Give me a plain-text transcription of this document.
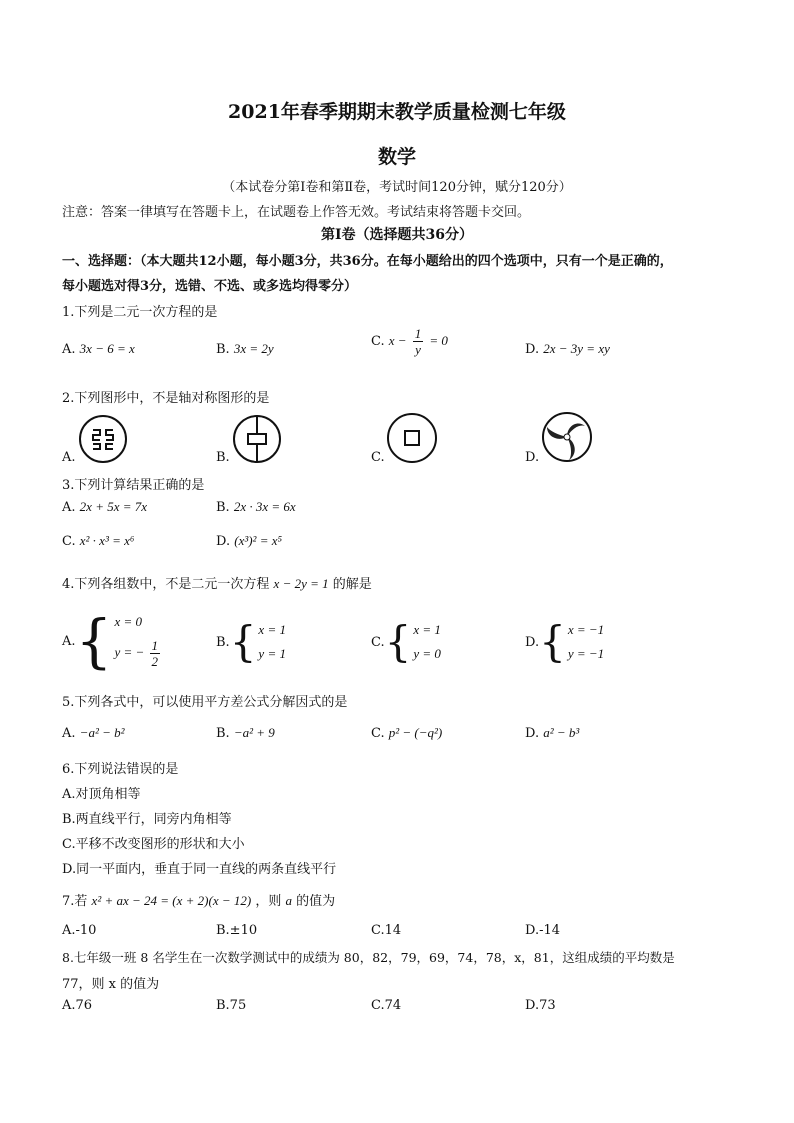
2021年春季期期末教学质量检测七年级
数学
（本试卷分第Ⅰ卷和第Ⅱ卷，考试时间120分钟，赋分120分）
注意：答案一律填写在答题卡上，在试题卷上作答无效。考试结束将答题卡交回。
第Ⅰ卷（选择题共36分）
一、选择题：（本大题共12小题，每小题3分，共36分。在每小题给出的四个选项中，只有一个是正确的，
每小题选对得3分，选错、不选、或多选均得零分）
1.下列是二元一次方程的是
A. 3x − 6 = x	B. 3x = 2y	C. $x - \frac{1}{y} = 0$
D. 2x − 3y = xy
2.下列图形中，不是轴对称图形的是
A.	B.	C.	D.
3.下列计算结果正确的是
A. 2x + 5x = 7x	B. 2x · 3x = 6x
C. x² · x³ = x⁶	D. (x³)² = x⁵
4.下列各组数中，不是二元一次方程 x − 2y = 1 的解是
A. { x = 0
y = − $\frac{1}{2}$	B. { x = 1
y = 1
C. { x = 1
y = 0
D. { x = −1
y = −1
5.下列各式中，可以使用平方差公式分解因式的是
A. −a² − b²	B. −a² + 9	C. p² − (−q²)	D. a² − b³
6.下列说法错误的是
A.对顶角相等
B.两直线平行，同旁内角相等
C.平移不改变图形的形状和大小
D.同一平面内，垂直于同一直线的两条直线平行
7.若 x² + ax − 24 = (x + 2)(x − 12) ，则 a 的值为
A.-10	B.±10	C.14	D.-14
8.七年级一班 8 名学生在一次数学测试中的成绩为 80，82，79，69，74，78，x，81，这组成绩的平均数是
77，则 x 的值为
A.76	B.75	C.74	D.73
